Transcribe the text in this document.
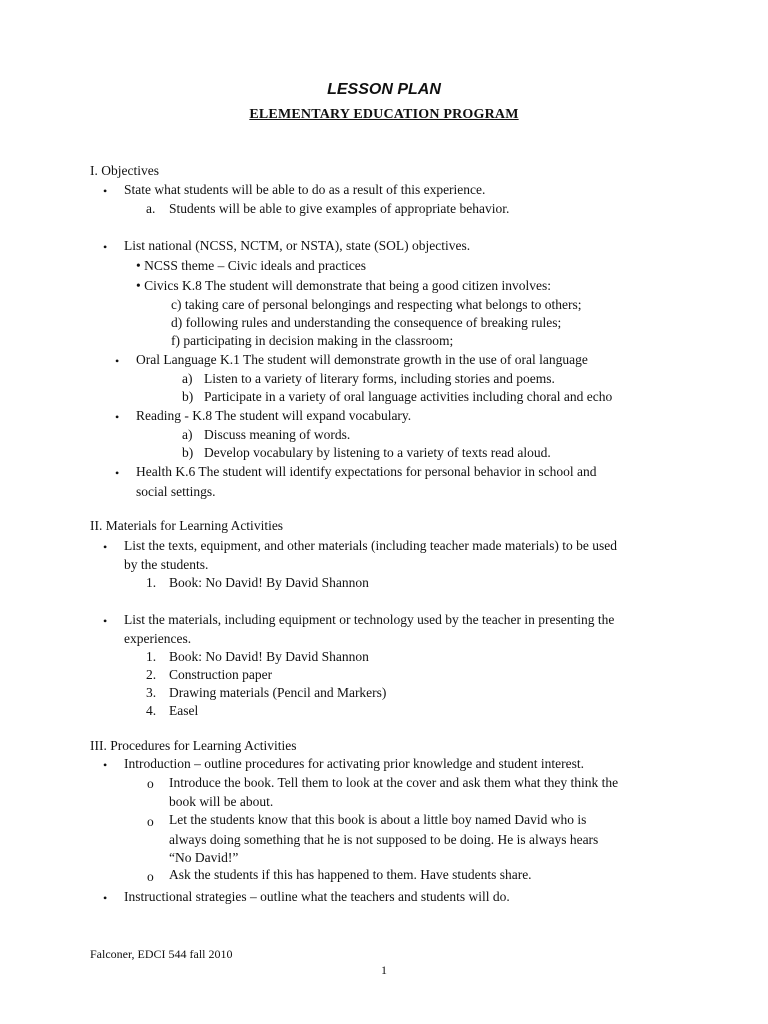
LESSON PLAN
ELEMENTARY EDUCATION PROGRAM
I. Objectives
• State what students will be able to do as a result of this experience.
a. Students will be able to give examples of appropriate behavior.
• List national (NCSS, NCTM, or NSTA), state (SOL) objectives.
• NCSS theme – Civic ideals and practices
• Civics K.8 The student will demonstrate that being a good citizen involves:
c) taking care of personal belongings and respecting what belongs to others;
d) following rules and understanding the consequence of breaking rules;
f) participating in decision making in the classroom;
• Oral Language K.1 The student will demonstrate growth in the use of oral language
a) Listen to a variety of literary forms, including stories and poems.
b) Participate in a variety of oral language activities including choral and echo
• Reading - K.8 The student will expand vocabulary.
a) Discuss meaning of words.
b) Develop vocabulary by listening to a variety of texts read aloud.
• Health K.6 The student will identify expectations for personal behavior in school and
social settings.
II. Materials for Learning Activities
• List the texts, equipment, and other materials (including teacher made materials) to be used
by the students.
1. Book: No David! By David Shannon
• List the materials, including equipment or technology used by the teacher in presenting the
experiences.
1. Book: No David! By David Shannon
2. Construction paper
3. Drawing materials (Pencil and Markers)
4. Easel
III. Procedures for Learning Activities
• Introduction – outline procedures for activating prior knowledge and student interest.
o Introduce the book. Tell them to look at the cover and ask them what they think the
book will be about.
o Let the students know that this book is about a little boy named David who is
always doing something that he is not supposed to be doing. He is always hears
“No David!”
o Ask the students if this has happened to them. Have students share.
• Instructional strategies – outline what the teachers and students will do.
Falconer, EDCI 544 fall 2010
1
